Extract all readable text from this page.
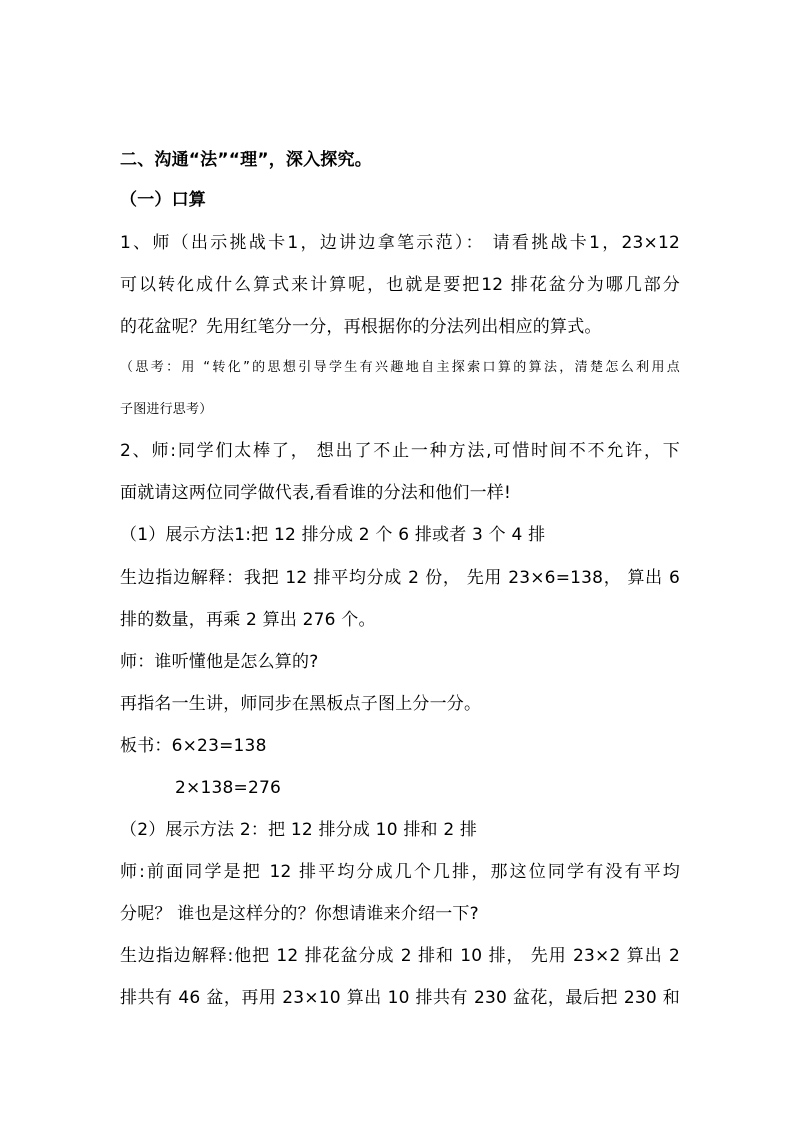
二、沟通“法”“理”，深入探究。
（一）口算
1、师（出示挑战卡1，边讲边拿笔示范）： 请看挑战卡1，23×12
可以转化成什么算式来计算呢，也就是要把12 排花盆分为哪几部分
的花盆呢？先用红笔分一分，再根据你的分法列出相应的算式。
（思考：用 “转化”的思想引导学生有兴趣地自主探索口算的算法，清楚怎么利用点
子图进行思考）
2、师:同学们太棒了， 想出了不止一种方法,可惜时间不不允许，下
面就请这两位同学做代表,看看谁的分法和他们一样!
（1）展示方法1:把 12 排分成 2 个 6 排或者 3 个 4 排
生边指边解释：我把 12 排平均分成 2 份， 先用 23×6=138， 算出 6
排的数量，再乘 2 算出 276 个。
师：谁听懂他是怎么算的?
再指名一生讲，师同步在黑板点子图上分一分。
板书：6×23=138
2×138=276
（2）展示方法 2：把 12 排分成 10 排和 2 排
师:前面同学是把 12 排平均分成几个几排，那这位同学有没有平均
分呢？ 谁也是这样分的？你想请谁来介绍一下?
生边指边解释:他把 12 排花盆分成 2 排和 10 排， 先用 23×2 算出 2
排共有 46 盆，再用 23×10 算出 10 排共有 230 盆花，最后把 230 和
